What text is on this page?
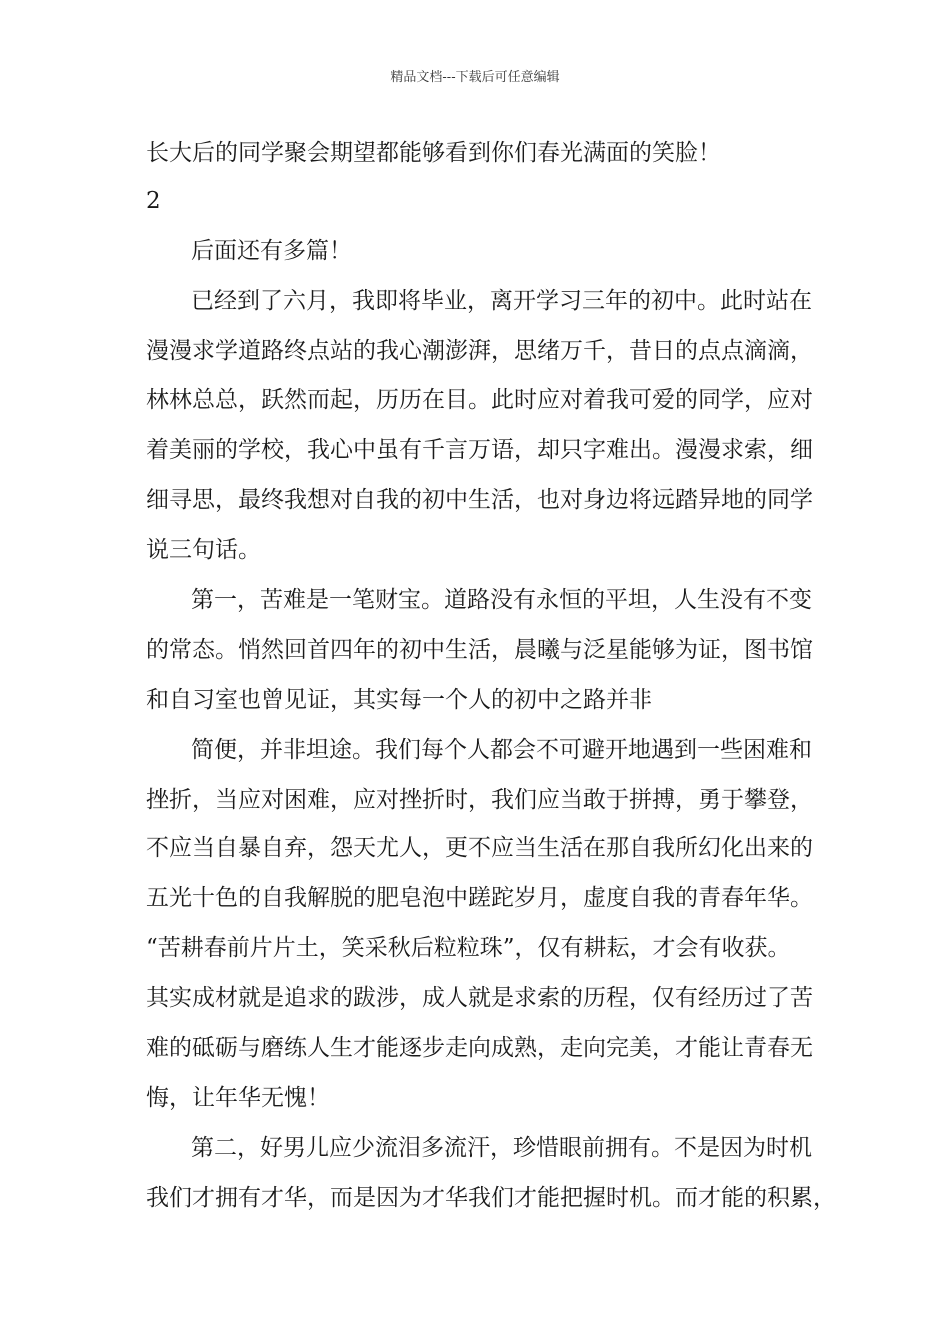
精品文档---下载后可任意编辑
长大后的同学聚会期望都能够看到你们春光满面的笑脸！
2
后面还有多篇！
已经到了六月，我即将毕业，离开学习三年的初中。此时站在
漫漫求学道路终点站的我心潮澎湃，思绪万千，昔日的点点滴滴，
林林总总，跃然而起，历历在目。此时应对着我可爱的同学，应对
着美丽的学校，我心中虽有千言万语，却只字难出。漫漫求索，细
细寻思，最终我想对自我的初中生活，也对身边将远踏异地的同学
说三句话。
第一，苦难是一笔财宝。道路没有永恒的平坦，人生没有不变
的常态。悄然回首四年的初中生活，晨曦与泛星能够为证，图书馆
和自习室也曾见证，其实每一个人的初中之路并非
简便，并非坦途。我们每个人都会不可避开地遇到一些困难和
挫折，当应对困难，应对挫折时，我们应当敢于拼搏，勇于攀登，
不应当自暴自弃，怨天尤人，更不应当生活在那自我所幻化出来的
五光十色的自我解脱的肥皂泡中蹉跎岁月，虚度自我的青春年华。
“苦耕春前片片土，笑采秋后粒粒珠”，仅有耕耘，才会有收获。
其实成材就是追求的跋涉，成人就是求索的历程，仅有经历过了苦
难的砥砺与磨练人生才能逐步走向成熟，走向完美，才能让青春无
悔，让年华无愧！
第二，好男儿应少流泪多流汗，珍惜眼前拥有。不是因为时机
我们才拥有才华，而是因为才华我们才能把握时机。而才能的积累，
